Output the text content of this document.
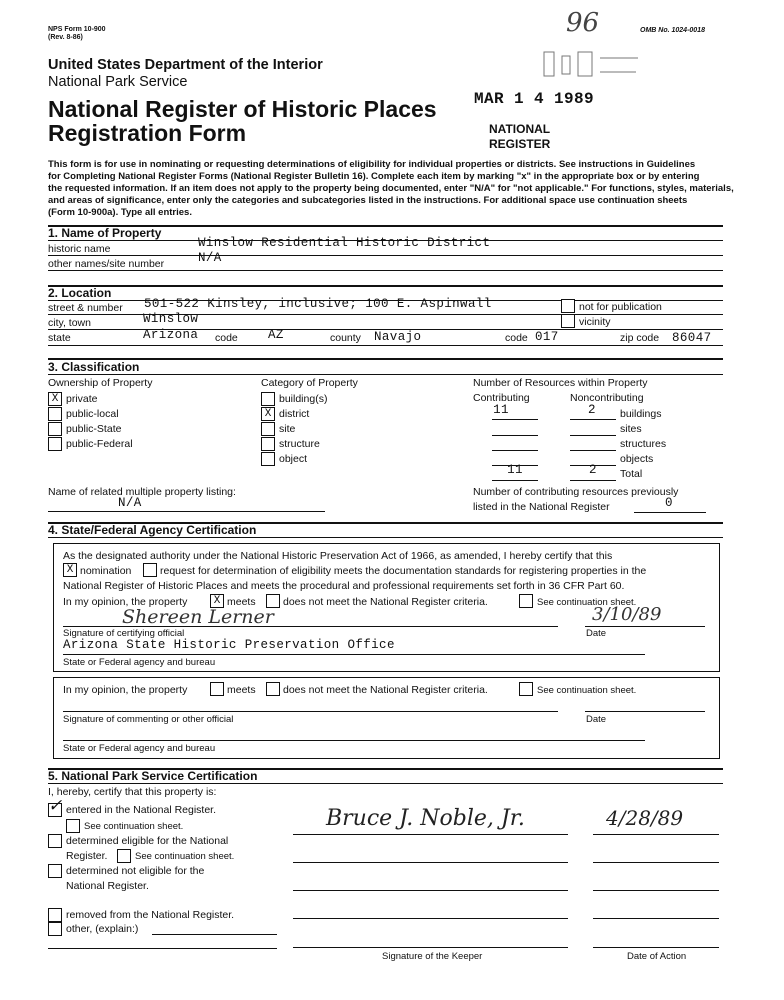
NPS Form 10-900
(Rev. 8-86)
OMB No. 1024-0018
96
United States Department of the Interior
National Park Service
National Register of Historic Places
Registration Form
MAR 1 4 1989
NATIONAL
REGISTER
This form is for use in nominating or requesting determinations of eligibility for individual properties or districts. See instructions in Guidelines
for Completing National Register Forms (National Register Bulletin 16). Complete each item by marking "x" in the appropriate box or by entering
the requested information. If an item does not apply to the property being documented, enter "N/A" for "not applicable." For functions, styles, materials,
and areas of significance, enter only the categories and subcategories listed in the instructions. For additional space use continuation sheets
(Form 10-900a). Type all entries.
1. Name of Property
historic name	Winslow Residential Historic District
other names/site number	N/A
2. Location
street & number 501-522 Kinsley, inclusive; 100 E. Aspinwall	not for publication
city, town	Winslow	vicinity
state	Arizona code AZ	county Navajo	code 017	zip code 86047
3. Classification
Ownership of Property
X private
public-local
public-State
public-Federal
Category of Property
building(s)
X district
site
structure
object
Number of Resources within Property
Contributing	Noncontributing
11	2	buildings
sites
structures
objects
11	2	Total
Name of related multiple property listing:
N/A
Number of contributing resources previously
listed in the National Register	0
4. State/Federal Agency Certification
As the designated authority under the National Historic Preservation Act of 1966, as amended, I hereby certify that this
X nomination	request for determination of eligibility meets the documentation standards for registering properties in the
National Register of Historic Places and meets the procedural and professional requirements set forth in 36 CFR Part 60.
In my opinion, the property	X meets	does not meet the National Register criteria.	See continuation sheet.
Shereen Lerner	3/10/89
Signature of certifying official	Date
Arizona State Historic Preservation Office
State or Federal agency and bureau
In my opinion, the property	meets	does not meet the National Register criteria.	See continuation sheet.
Signature of commenting or other official	Date
State or Federal agency and bureau
5. National Park Service Certification
I, hereby, certify that this property is:
✓ entered in the National Register.
See continuation sheet.
determined eligible for the National
Register.	See continuation sheet.
determined not eligible for the
National Register.
removed from the National Register.
other, (explain:)
Bruce J. Noble, Jr.	4/28/89
Signature of the Keeper	Date of Action
